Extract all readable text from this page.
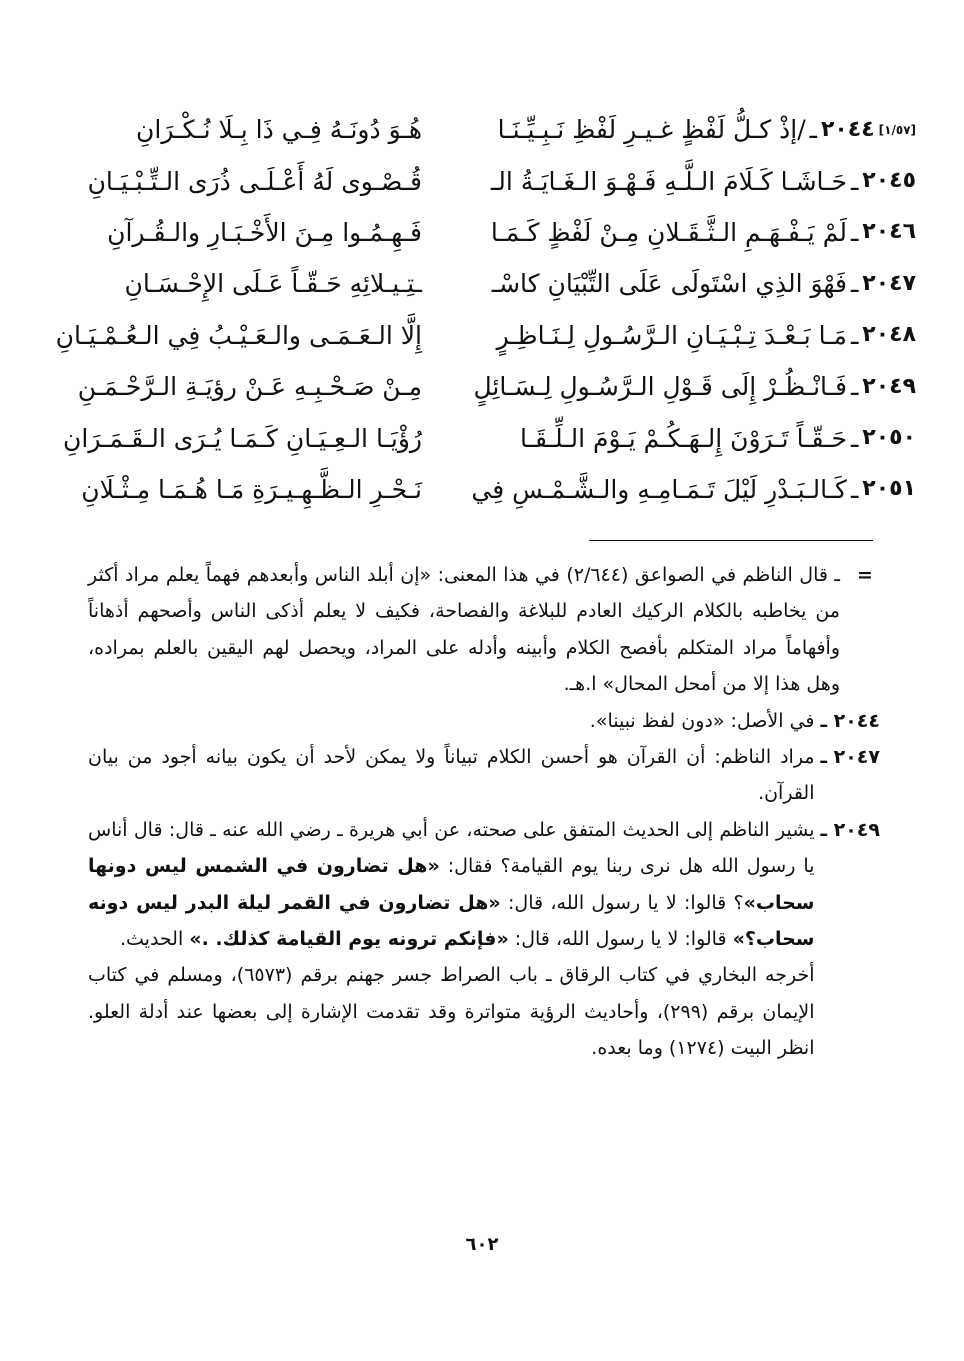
[١/٥٧]
٢٠٤٤
ـ
/إذْ كـلُّ لَفْظٍ غـيـرِ لَفْظِ نَـبِـيِّـنَـا
هُـوَ دُونَـهُ فِـي ذَا بِـلَا نُـكْـرَانِ
٢٠٤٥
ـ
حَـاشَـا كَـلَامَ الـلَّـهِ فَـهْـوَ الـغَـايَـةُ الـ
قُـصْـوى لَهُ أَعْـلَـى ذُرَى الـتِّـبْـيَـانِ
٢٠٤٦
ـ
لَمْ يَـفْـهَـمِ الـثَّـقَـلانِ مِـنْ لَفْظٍ كَـمَـا
فَـهِـمُـوا مِـنَ الأَخْـبَـارِ والـقُـرآنِ
٢٠٤٧
ـ
فَهْوَ الذِي اسْتَولَى عَلَى التِّبْيَانِ كاسْـ
ـتِـيـلائِهِ حَـقّـاً عَـلَى الإِحْـسَـانِ
٢٠٤٨
ـ
مَـا بَـعْـدَ تِـبْـيَـانِ الـرَّسُـولِ لِـنَـاظِـرٍ
إِلَّا الـعَـمَـى والـعَـيْـبُ فِي الـعُـمْـيَـانِ
٢٠٤٩
ـ
فَـانْـظُـرْ إِلَى قَـوْلِ الـرَّسُـولِ لِـسَـائِلٍ
مِـنْ صَـحْـبِـهِ عَـنْ رؤيَـةِ الـرَّحْـمَـنِ
٢٠٥٠
ـ
حَـقّـاً تَـرَوْنَ إِلـهَـكُـمْ يَـوْمَ الـلِّـقَـا
رُؤْيَـا الـعِـيَـانِ كَـمَـا يُـرَى الـقَـمَـرَانِ
٢٠٥١
ـ
كَـالـبَـدْرِ لَيْلَ تَـمَـامِـهِ والـشَّـمْـسِ فِي
نَـحْـرِ الـظَّـهِـيـرَةِ مَـا هُـمَـا مِـثْـلَانِ
=

ـ قال الناظم في الصواعق (٢/٦٤٤) في هذا المعنى: «إن أبلد الناس وأبعدهم فهماً يعلم مراد أكثر من يخاطبه بالكلام الركيك العادم للبلاغة والفصاحة، فكيف لا يعلم أذكى الناس وأصحهم أذهاناً وأفهاماً مراد المتكلم بأفصح الكلام وأبينه وأدله على المراد، ويحصل لهم اليقين بالعلم بمراده، وهل هذا إلا من أمحل المحال» ا.هـ.

٢٠٤٤ ـ

في الأصل: «دون لفظ نبينا».

٢٠٤٧ ـ

مراد الناظم: أن القرآن هو أحسن الكلام تبياناً ولا يمكن لأحد أن يكون بيانه أجود من بيان القرآن.

٢٠٤٩ ـ

يشير الناظم إلى الحديث المتفق على صحته، عن أبي هريرة ـ رضي الله عنه ـ قال: قال أناس يا رسول الله هل نرى ربنا يوم القيامة؟ فقال: «هل تضارون في الشمس ليس دونها سحاب»؟ قالوا: لا يا رسول الله، قال: «هل تضارون في القمر ليلة البدر ليس دونه سحاب؟» قالوا: لا يا رسول الله، قال: «فإنكم ترونه يوم القيامة كذلك. .» الحديث.

أخرجه البخاري في كتاب الرقاق ـ باب الصراط جسر جهنم برقم (٦٥٧٣)، ومسلم في كتاب الإيمان برقم (٢٩٩)، وأحاديث الرؤية متواترة وقد تقدمت الإشارة إلى بعضها عند أدلة العلو. انظر البيت (١٢٧٤) وما بعده.

٦٠٢
